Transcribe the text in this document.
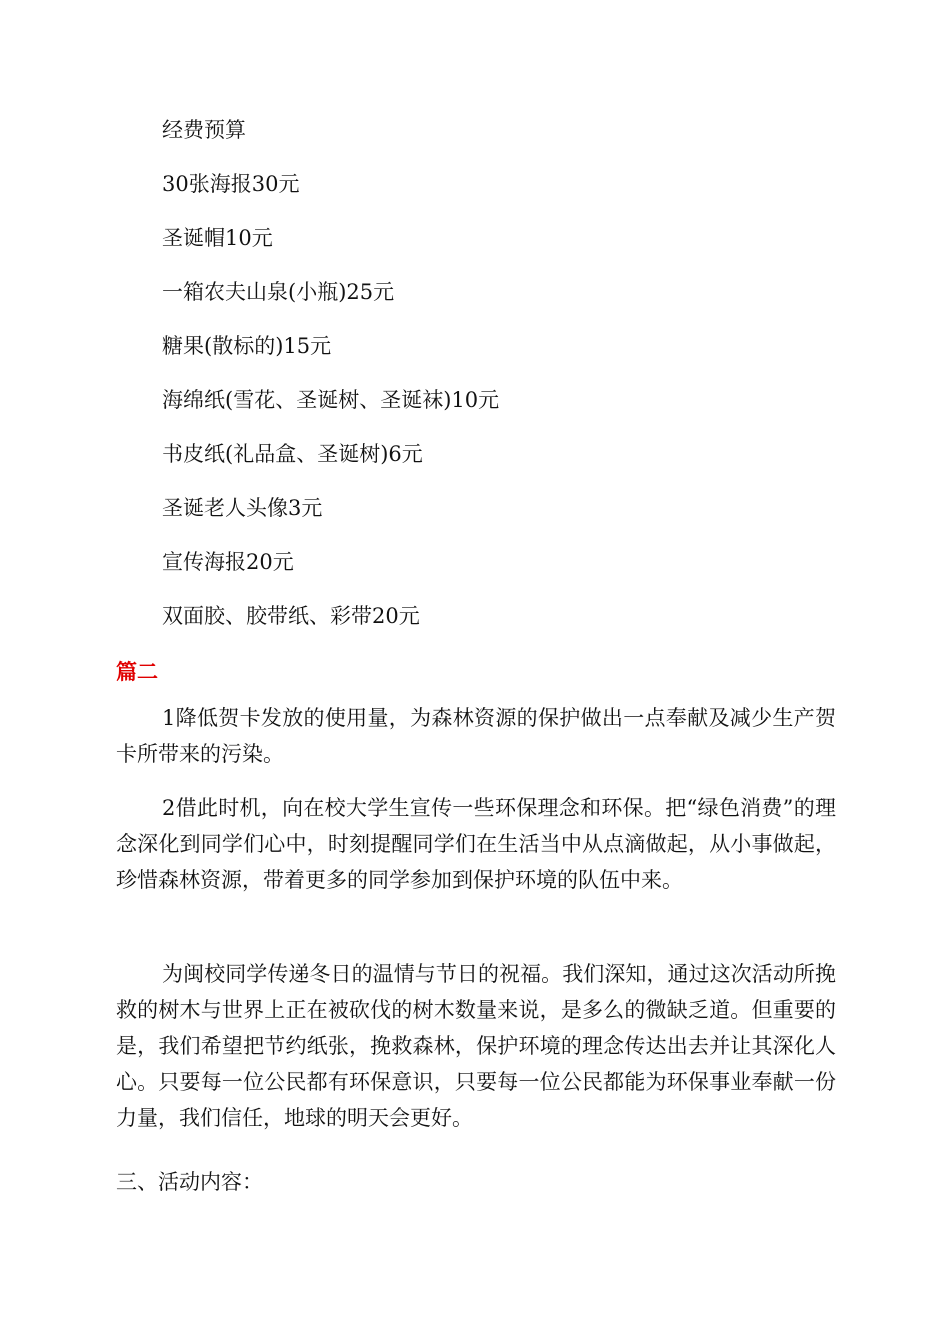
经费预算
30张海报30元
圣诞帽10元
一箱农夫山泉(小瓶)25元
糖果(散标的)15元
海绵纸(雪花、圣诞树、圣诞袜)10元
书皮纸(礼品盒、圣诞树)6元
圣诞老人头像3元
宣传海报20元
双面胶、胶带纸、彩带20元
篇二

1降低贺卡发放的使用量，为森林资源的保护做出一点奉献及减少生产贺卡所带来的污染。

2借此时机，向在校大学生宣传一些环保理念和环保。把“绿色消费”的理念深化到同学们心中，时刻提醒同学们在生活当中从点滴做起，从小事做起，珍惜森林资源，带着更多的同学参加到保护环境的队伍中来。

为闽校同学传递冬日的温情与节日的祝福。我们深知，通过这次活动所挽救的树木与世界上正在被砍伐的树木数量来说，是多么的微缺乏道。但重要的是，我们希望把节约纸张，挽救森林，保护环境的理念传达出去并让其深化人心。只要每一位公民都有环保意识，只要每一位公民都能为环保事业奉献一份力量，我们信任，地球的明天会更好。

三、活动内容：
